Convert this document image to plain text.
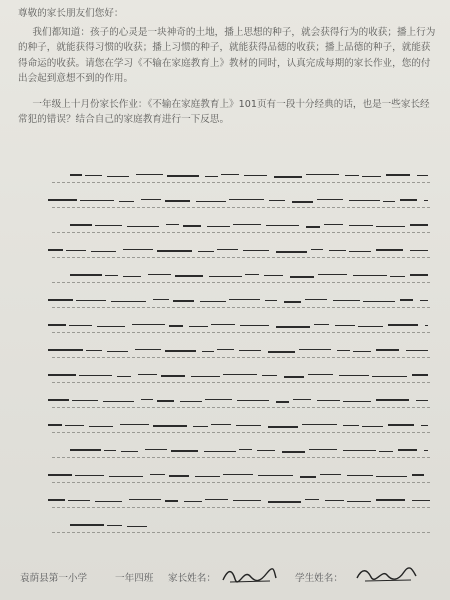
尊敬的家长朋友们您好：

我们都知道：孩子的心灵是一块神奇的土地，播上思想的种子，就会获得行为的收获；播上行为的种子，就能获得习惯的收获；播上习惯的种子，就能获得品德的收获；播上品德的种子，就能获得命运的收获。请您在学习《不输在家庭教育上》教材的同时，认真完成每期的家长作业，您的付出会起到意想不到的作用。

一年级上十月份家长作业：《不输在家庭教育上》101页有一段十分经典的话，也是一些家长经常犯的错误？结合自己的家庭教育进行一下反思。

袁荫县第一小学	一年四班 家长姓名：	学生姓名：
